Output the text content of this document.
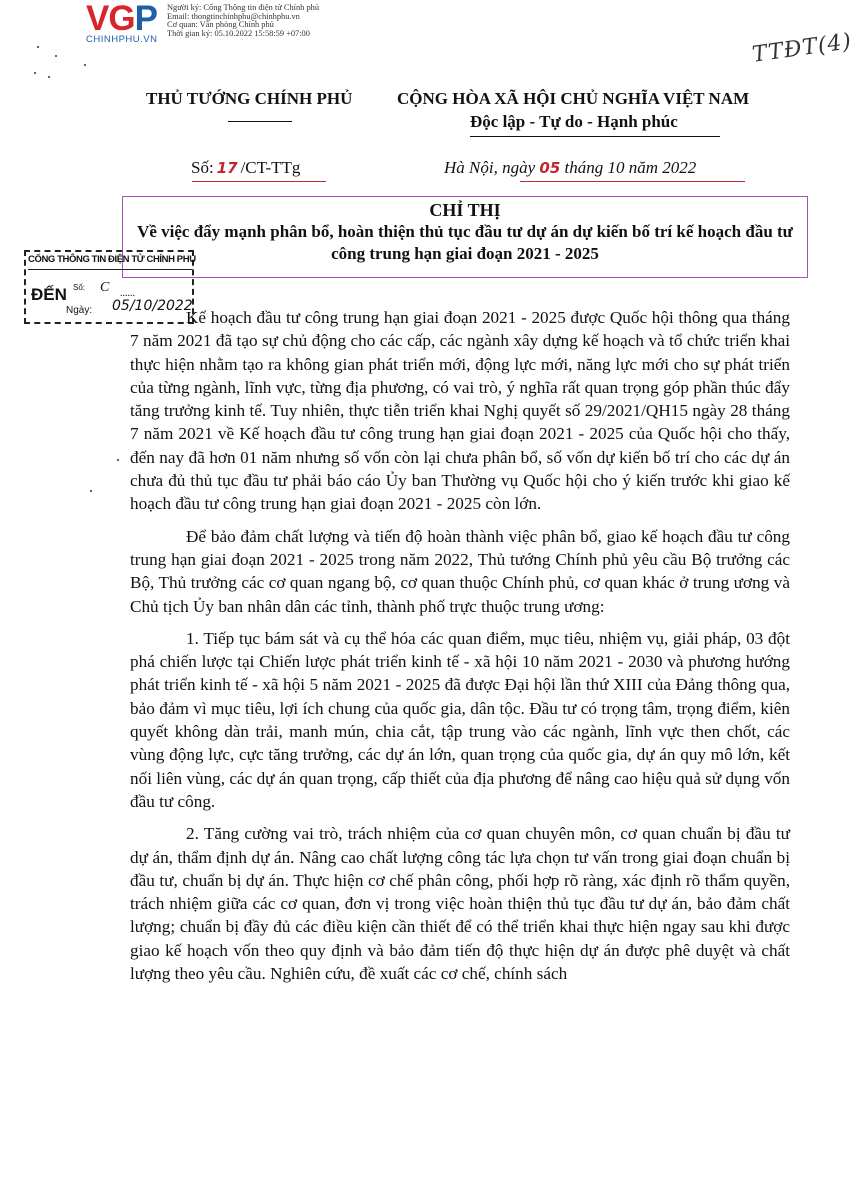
VGP
CHINHPHU.VN
Người ký: Cổng Thông tin điện tử Chính phủ
Email: thongtinchinhphu@chinhphu.vn
Cơ quan: Văn phòng Chính phủ
Thời gian ký: 05.10.2022 15:58:59 +07:00	TTĐT(4)
THỦ TƯỚNG CHÍNH PHỦ	CỘNG HÒA XÃ HỘI CHỦ NGHĨA VIỆT NAM
Độc lập - Tự do - Hạnh phúc
Số: 17 /CT-TTg	Hà Nội, ngày 05 tháng 10 năm 2022
CHỈ THỊ
Về việc đẩy mạnh phân bổ, hoàn thiện thủ tục đầu tư dự án dự kiến bố trí kế hoạch đầu tư công trung hạn giai đoạn 2021 - 2025
CỔNG THÔNG TIN ĐIỆN TỬ CHÍNH PHỦ
ĐẾN Số: C ......
Ngày: 05/10/2022

Kế hoạch đầu tư công trung hạn giai đoạn 2021 - 2025 được Quốc hội thông qua tháng 7 năm 2021 đã tạo sự chủ động cho các cấp, các ngành xây dựng kế hoạch và tổ chức triển khai thực hiện nhằm tạo ra không gian phát triển mới, động lực mới, năng lực mới cho sự phát triển của từng ngành, lĩnh vực, từng địa phương, có vai trò, ý nghĩa rất quan trọng góp phần thúc đẩy tăng trưởng kinh tế. Tuy nhiên, thực tiễn triển khai Nghị quyết số 29/2021/QH15 ngày 28 tháng 7 năm 2021 về Kế hoạch đầu tư công trung hạn giai đoạn 2021 - 2025 của Quốc hội cho thấy, đến nay đã hơn 01 năm nhưng số vốn còn lại chưa phân bổ, số vốn dự kiến bố trí cho các dự án chưa đủ thủ tục đầu tư phải báo cáo Ủy ban Thường vụ Quốc hội cho ý kiến trước khi giao kế hoạch đầu tư công trung hạn giai đoạn 2021 - 2025 còn lớn.

Để bảo đảm chất lượng và tiến độ hoàn thành việc phân bổ, giao kế hoạch đầu tư công trung hạn giai đoạn 2021 - 2025 trong năm 2022, Thủ tướng Chính phủ yêu cầu Bộ trưởng các Bộ, Thủ trưởng các cơ quan ngang bộ, cơ quan thuộc Chính phủ, cơ quan khác ở trung ương và Chủ tịch Ủy ban nhân dân các tỉnh, thành phố trực thuộc trung ương:

1. Tiếp tục bám sát và cụ thể hóa các quan điểm, mục tiêu, nhiệm vụ, giải pháp, 03 đột phá chiến lược tại Chiến lược phát triển kinh tế - xã hội 10 năm 2021 - 2030 và phương hướng phát triển kinh tế - xã hội 5 năm 2021 - 2025 đã được Đại hội lần thứ XIII của Đảng thông qua, bảo đảm vì mục tiêu, lợi ích chung của quốc gia, dân tộc. Đầu tư có trọng tâm, trọng điểm, kiên quyết không dàn trải, manh mún, chia cắt, tập trung vào các ngành, lĩnh vực then chốt, các vùng động lực, cực tăng trưởng, các dự án lớn, quan trọng của quốc gia, dự án quy mô lớn, kết nối liên vùng, các dự án quan trọng, cấp thiết của địa phương để nâng cao hiệu quả sử dụng vốn đầu tư công.

2. Tăng cường vai trò, trách nhiệm của cơ quan chuyên môn, cơ quan chuẩn bị đầu tư dự án, thẩm định dự án. Nâng cao chất lượng công tác lựa chọn tư vấn trong giai đoạn chuẩn bị đầu tư, chuẩn bị dự án. Thực hiện cơ chế phân công, phối hợp rõ ràng, xác định rõ thẩm quyền, trách nhiệm giữa các cơ quan, đơn vị trong việc hoàn thiện thủ tục đầu tư dự án, bảo đảm chất lượng; chuẩn bị đầy đủ các điều kiện cần thiết để có thể triển khai thực hiện ngay sau khi được giao kế hoạch vốn theo quy định và bảo đảm tiến độ thực hiện dự án được phê duyệt và chất lượng theo yêu cầu. Nghiên cứu, đề xuất các cơ chế, chính sách
